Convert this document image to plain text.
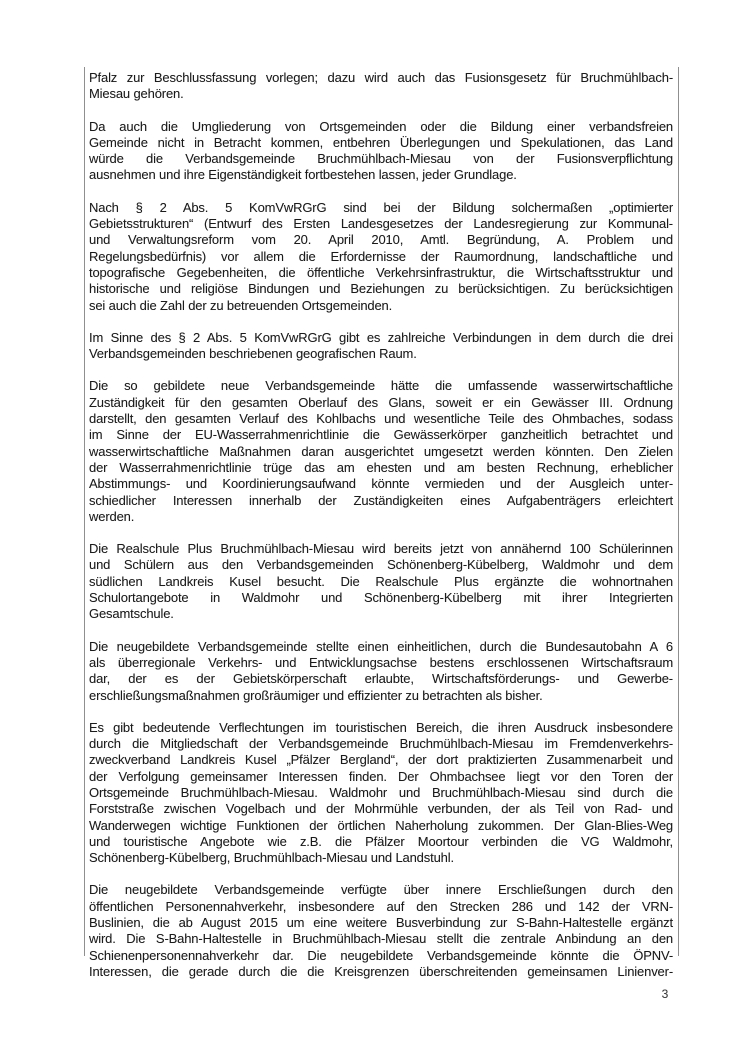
Pfalz zur Beschlussfassung vorlegen; dazu wird auch das Fusionsgesetz für Bruchmühlbach-
Miesau gehören.
Da auch die Umgliederung von Ortsgemeinden oder die Bildung einer verbandsfreien
Gemeinde nicht in Betracht kommen, entbehren Überlegungen und Spekulationen, das Land
würde die Verbandsgemeinde Bruchmühlbach-Miesau von der Fusionsverpflichtung
ausnehmen und ihre Eigenständigkeit fortbestehen lassen, jeder Grundlage.
Nach § 2 Abs. 5 KomVwRGrG sind bei der Bildung solchermaßen „optimierter
Gebietsstrukturen“ (Entwurf des Ersten Landesgesetzes der Landesregierung zur Kommunal-
und Verwaltungsreform vom 20. April 2010, Amtl. Begründung, A. Problem und
Regelungsbedürfnis) vor allem die Erfordernisse der Raumordnung, landschaftliche und
topografische Gegebenheiten, die öffentliche Verkehrsinfrastruktur, die Wirtschaftsstruktur und
historische und religiöse Bindungen und Beziehungen zu berücksichtigen. Zu berücksichtigen
sei auch die Zahl der zu betreuenden Ortsgemeinden.
Im Sinne des § 2 Abs. 5 KomVwRGrG gibt es zahlreiche Verbindungen in dem durch die drei
Verbandsgemeinden beschriebenen geografischen Raum.
Die so gebildete neue Verbandsgemeinde hätte die umfassende wasserwirtschaftliche
Zuständigkeit für den gesamten Oberlauf des Glans, soweit er ein Gewässer III. Ordnung
darstellt, den gesamten Verlauf des Kohlbachs und wesentliche Teile des Ohmbaches, sodass
im Sinne der EU-Wasserrahmenrichtlinie die Gewässerkörper ganzheitlich betrachtet und
wasserwirtschaftliche Maßnahmen daran ausgerichtet umgesetzt werden könnten. Den Zielen
der Wasserrahmenrichtlinie trüge das am ehesten und am besten Rechnung, erheblicher
Abstimmungs- und Koordinierungsaufwand könnte vermieden und der Ausgleich unter-
schiedlicher Interessen innerhalb der Zuständigkeiten eines Aufgabenträgers erleichtert
werden.
Die Realschule Plus Bruchmühlbach-Miesau wird bereits jetzt von annähernd 100 Schülerinnen
und Schülern aus den Verbandsgemeinden Schönenberg-Kübelberg, Waldmohr und dem
südlichen Landkreis Kusel besucht. Die Realschule Plus ergänzte die wohnortnahen
Schulortangebote in Waldmohr und Schönenberg-Kübelberg mit ihrer Integrierten
Gesamtschule.
Die neugebildete Verbandsgemeinde stellte einen einheitlichen, durch die Bundesautobahn A 6
als überregionale Verkehrs- und Entwicklungsachse bestens erschlossenen Wirtschaftsraum
dar, der es der Gebietskörperschaft erlaubte, Wirtschaftsförderungs- und Gewerbe-
erschließungsmaßnahmen großräumiger und effizienter zu betrachten als bisher.
Es gibt bedeutende Verflechtungen im touristischen Bereich, die ihren Ausdruck insbesondere
durch die Mitgliedschaft der Verbandsgemeinde Bruchmühlbach-Miesau im Fremdenverkehrs-
zweckverband Landkreis Kusel „Pfälzer Bergland“, der dort praktizierten Zusammenarbeit und
der Verfolgung gemeinsamer Interessen finden. Der Ohmbachsee liegt vor den Toren der
Ortsgemeinde Bruchmühlbach-Miesau. Waldmohr und Bruchmühlbach-Miesau sind durch die
Forststraße zwischen Vogelbach und der Mohrmühle verbunden, der als Teil von Rad- und
Wanderwegen wichtige Funktionen der örtlichen Naherholung zukommen. Der Glan-Blies-Weg
und touristische Angebote wie z.B. die Pfälzer Moortour verbinden die VG Waldmohr,
Schönenberg-Kübelberg, Bruchmühlbach-Miesau und Landstuhl.
Die neugebildete Verbandsgemeinde verfügte über innere Erschließungen durch den
öffentlichen Personennahverkehr, insbesondere auf den Strecken 286 und 142 der VRN-
Buslinien, die ab August 2015 um eine weitere Busverbindung zur S-Bahn-Haltestelle ergänzt
wird. Die S-Bahn-Haltestelle in Bruchmühlbach-Miesau stellt die zentrale Anbindung an den
Schienenpersonennahverkehr dar. Die neugebildete Verbandsgemeinde könnte die ÖPNV-
Interessen, die gerade durch die die Kreisgrenzen überschreitenden gemeinsamen Linienver-
3
